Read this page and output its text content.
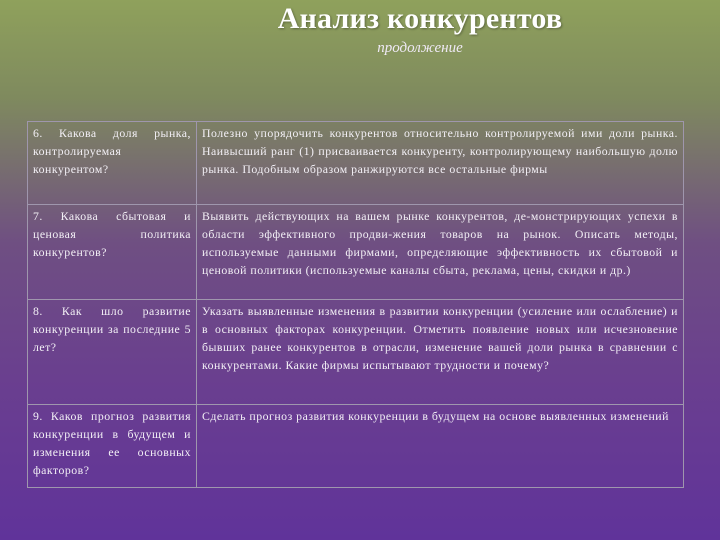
Анализ конкурентов
продолжение
6. Какова доля рынка, контролируемая конкурентом?	Полезно упорядочить конкурентов относительно контролируемой ими доли рынка. Наивысший ранг (1) присваивается конкуренту, контролирующему наибольшую долю рынка. Подобным образом ранжируются все остальные фирмы
7. Какова сбытовая и ценовая политика конкурентов?	Выявить действующих на вашем рынке конкурентов, де-монстрирующих успехи в области эффективного продви-жения товаров на рынок. Описать методы, используемые данными фирмами, определяющие эффективность их сбытовой и ценовой политики (используемые каналы сбыта, реклама, цены, скидки и др.)
8. Как шло развитие конкуренции за последние 5 лет?	Указать выявленные изменения в развитии конкуренции (усиление или ослабление) и в основных факторах конкуренции. Отметить появление новых или исчезновение бывших ранее конкурентов в отрасли, изменение вашей доли рынка в сравнении с конкурентами. Какие фирмы испытывают трудности и почему?
9. Каков прогноз развития конкуренции в будущем и изменения ее основных факторов?	Сделать прогноз развития конкуренции в будущем на основе выявленных изменений
